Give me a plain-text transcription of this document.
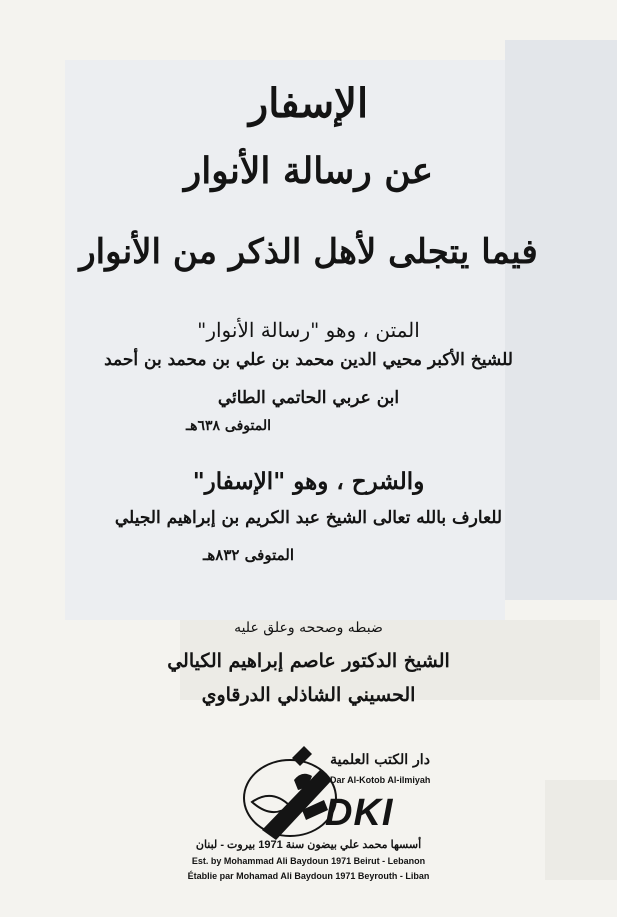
الإسفار
عن رسالة الأنوار
فيما يتجلى لأهل الذكر من الأنوار
المتن ، وهو "رسالة الأنوار"
للشيخ الأكبر محيي الدين محمد بن علي بن محمد بن أحمد
ابن عربي الحاتمي الطائي
المتوفى ٦٣٨هـ
والشرح ، وهو "الإسفار"
للعارف بالله تعالى الشيخ عبد الكريم بن إبراهيم الجيلي
المتوفى ٨٣٢هـ
ضبطه وصححه وعلق عليه
الشيخ الدكتور عاصم إبراهيم الكيالي
الحسيني الشاذلي الدرقاوي
دار الكتب العلمية
Dar Al-Kotob Al-ilmiyah
DKI
أسسها محمد علي بيضون سنة 1971 بيروت - لبنان
Est. by Mohammad Ali Baydoun 1971 Beirut - Lebanon
Établie par Mohamad Ali Baydoun 1971 Beyrouth - Liban
